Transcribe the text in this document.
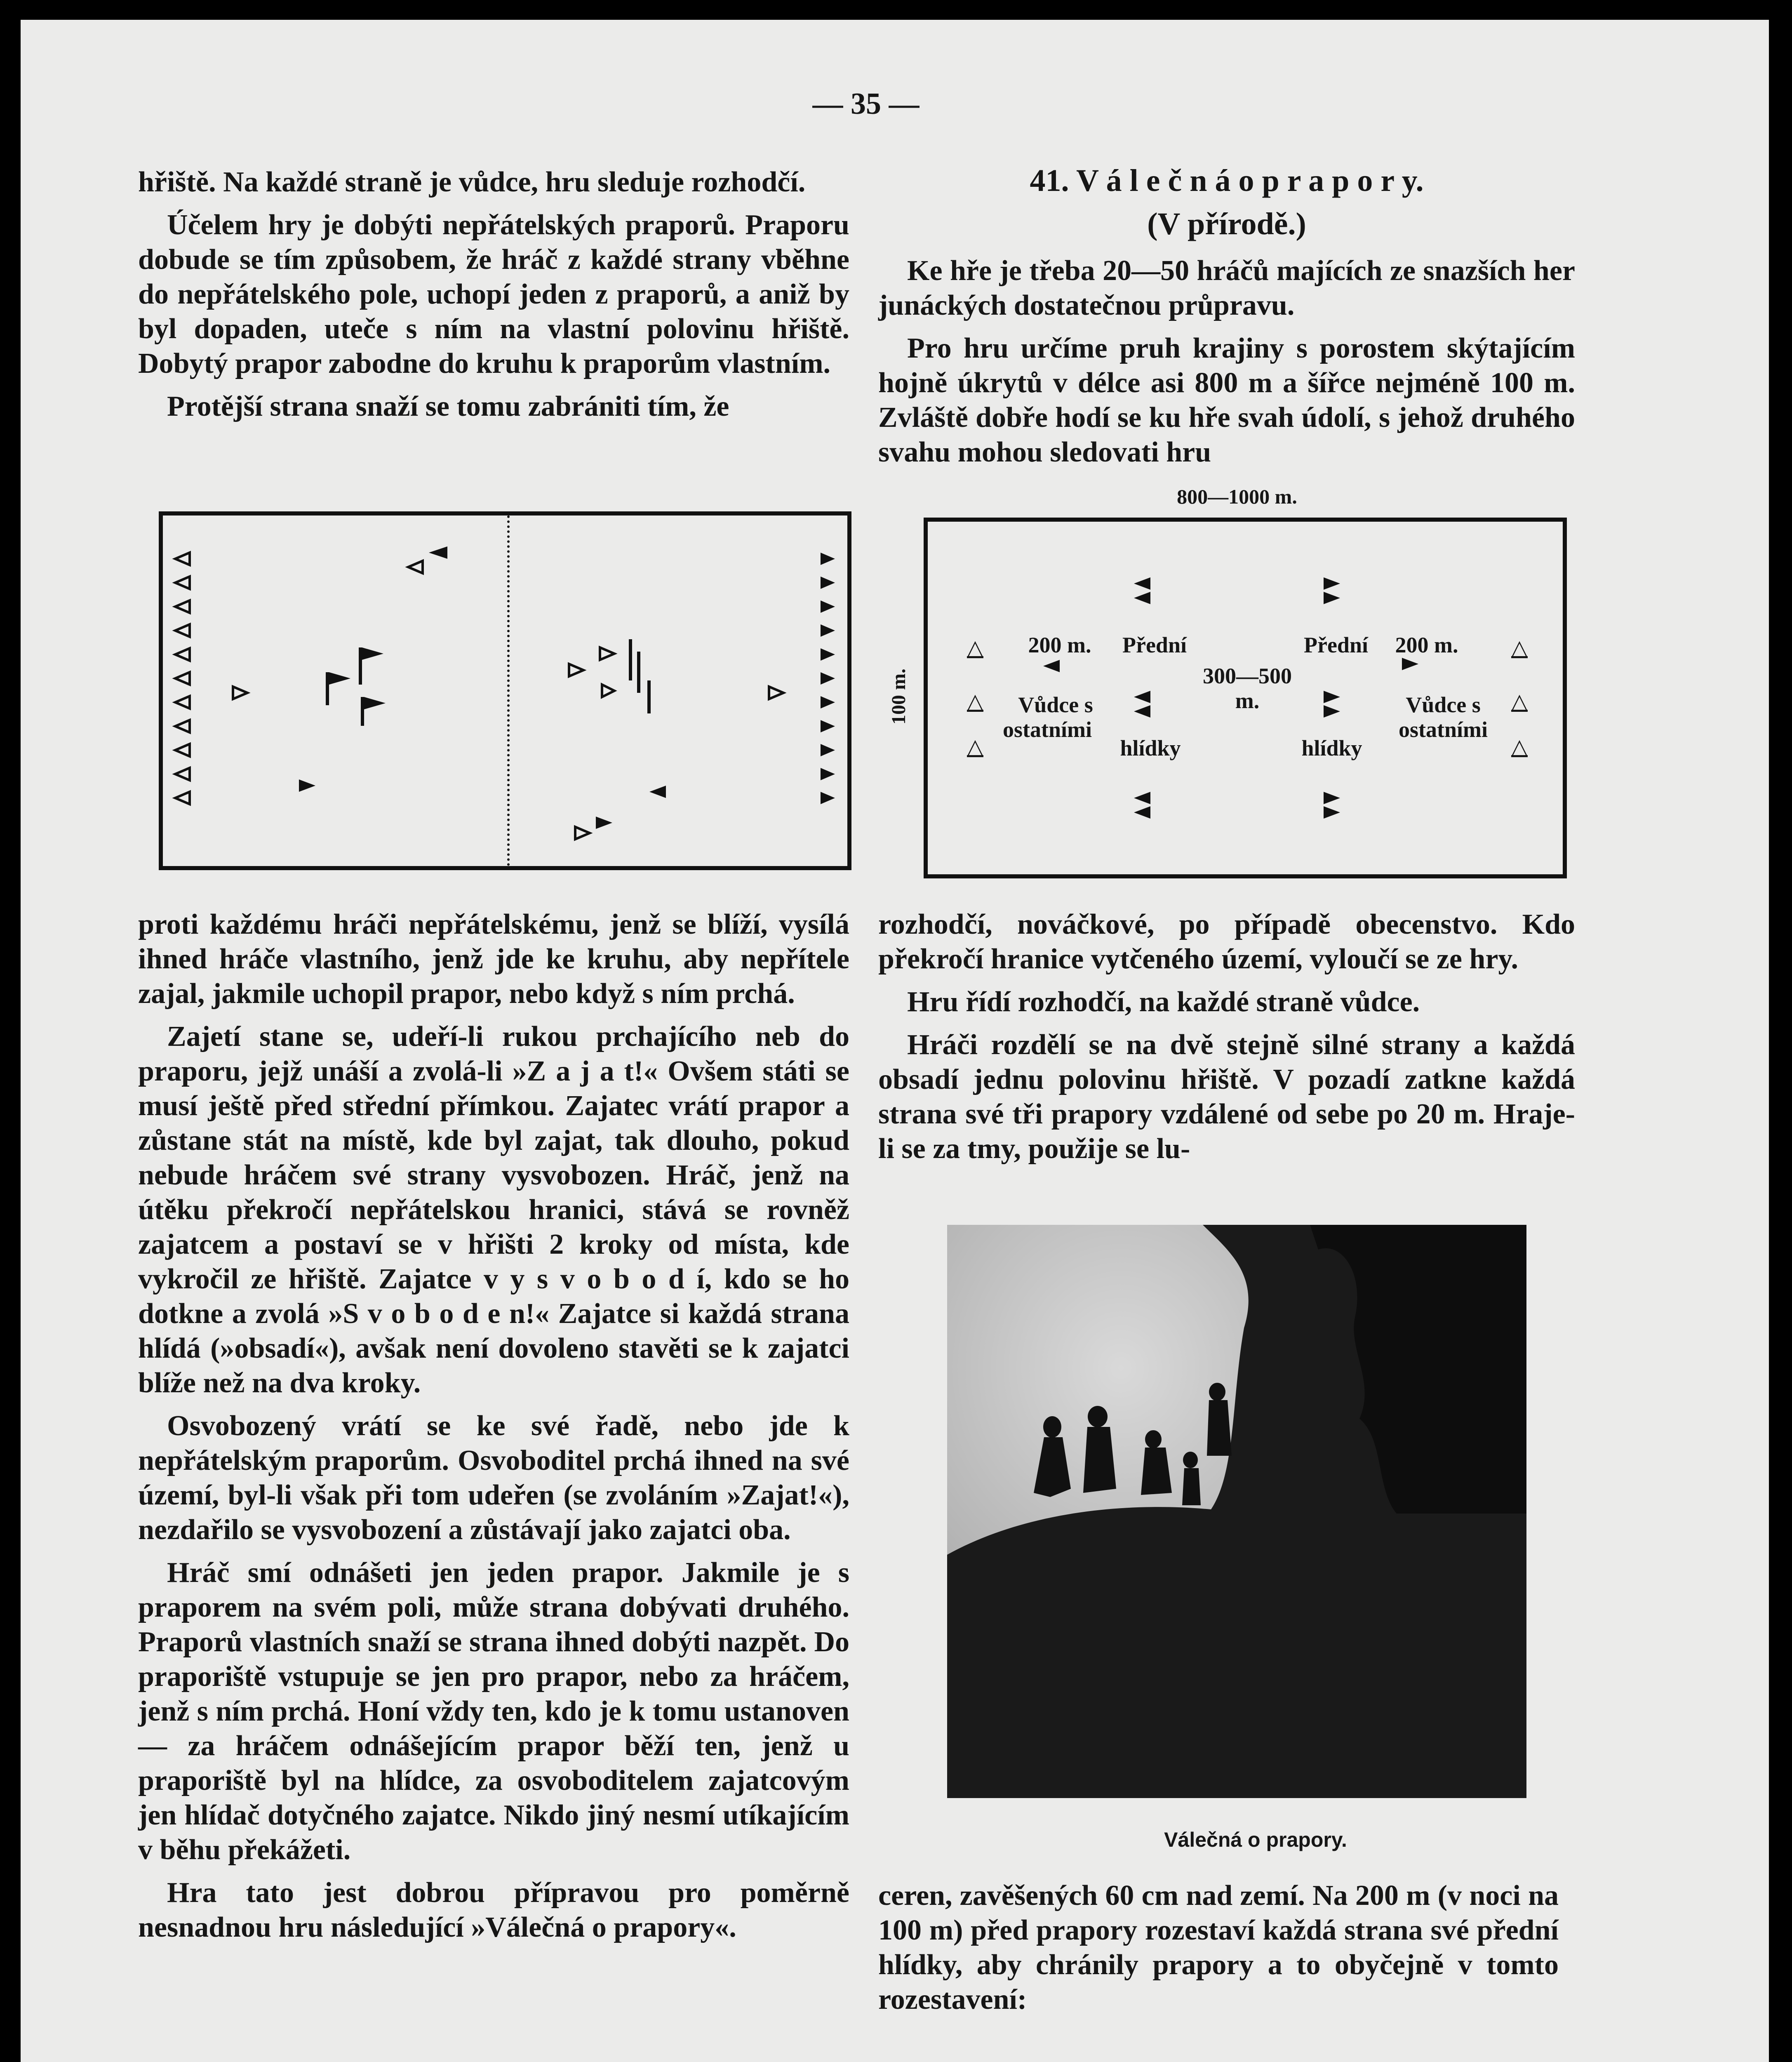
— 35 —

hřiště. Na každé straně je vůdce, hru sleduje rozhodčí.

Účelem hry je dobýti nepřátelských praporů. Praporu dobude se tím způsobem, že hráč z každé strany vběhne do nepřátelského pole, uchopí jeden z praporů, a aniž by byl dopaden, uteče s ním na vlastní polovinu hřiště. Dobytý prapor zabodne do kruhu k praporům vlastním.

Protější strana snaží se tomu zabrániti tím, že

proti každému hráči nepřátelskému, jenž se blíží, vysílá ihned hráče vlastního, jenž jde ke kruhu, aby nepřítele zajal, jakmile uchopil prapor, nebo když s ním prchá.

Zajetí stane se, udeří-li rukou prchajícího neb do praporu, jejž unáší a zvolá-li »Z a j a t!« Ovšem státi se musí ještě před střední přímkou. Zajatec vrátí prapor a zůstane stát na místě, kde byl zajat, tak dlouho, pokud nebude hráčem své strany vysvobozen. Hráč, jenž na útěku překročí nepřátelskou hranici, stává se rovněž zajatcem a postaví se v hřišti 2 kroky od místa, kde vykročil ze hřiště. Zajatce v y s v o b o d í, kdo se ho dotkne a zvolá »S v o b o d e n!« Zajatce si každá strana hlídá (»obsadí«), avšak není dovoleno stavěti se k zajatci blíže než na dva kroky.

Osvobozený vrátí se ke své řadě, nebo jde k nepřátelským praporům. Osvoboditel prchá ihned na své území, byl-li však při tom udeřen (se zvoláním »Zajat!«), nezdařilo se vysvobození a zůstávají jako zajatci oba.

Hráč smí odnášeti jen jeden prapor. Jakmile je s praporem na svém poli, může strana dobývati druhého. Praporů vlastních snaží se strana ihned dobýti nazpět. Do praporiště vstupuje se jen pro prapor, nebo za hráčem, jenž s ním prchá. Honí vždy ten, kdo je k tomu ustanoven — za hráčem odnášejícím prapor běží ten, jenž u praporiště byl na hlídce, za osvoboditelem zajatcovým jen hlídač dotyčného zajatce. Nikdo jiný nesmí utíkajícím v běhu překážeti.

Hra tato jest dobrou přípravou pro poměrně nesnadnou hru následující »Válečná o prapory«.

41. V á l e č n á o p r a p o r y.
(V přírodě.)

Ke hře je třeba 20—50 hráčů majících ze snazších her junáckých dostatečnou průpravu.

Pro hru určíme pruh krajiny s porostem skýtajícím hojně úkrytů v délce asi 800 m a šířce nejméně 100 m. Zvláště dobře hodí se ku hře svah údolí, s jehož druhého svahu mohou sledovati hru

800—1000 m.
100 m.
200 m.	Přední	Přední	200 m.
300—500
m.
Vůdce s
ostatními
Vůdce s
ostatními
hlídky	hlídky
△
△
△
△
△
△

rozhodčí, nováčkové, po případě obecenstvo. Kdo překročí hranice vytčeného území, vyloučí se ze hry.

Hru řídí rozhodčí, na každé straně vůdce.

Hráči rozdělí se na dvě stejně silné strany a každá obsadí jednu polovinu hřiště. V pozadí zatkne každá strana své tři prapory vzdálené od sebe po 20 m. Hraje-li se za tmy, použije se lu-

Válečná o prapory.

ceren, zavěšených 60 cm nad zemí. Na 200 m (v noci na 100 m) před prapory rozestaví každá strana své přední hlídky, aby chránily prapory a to obyčejně v tomto rozestavení:
